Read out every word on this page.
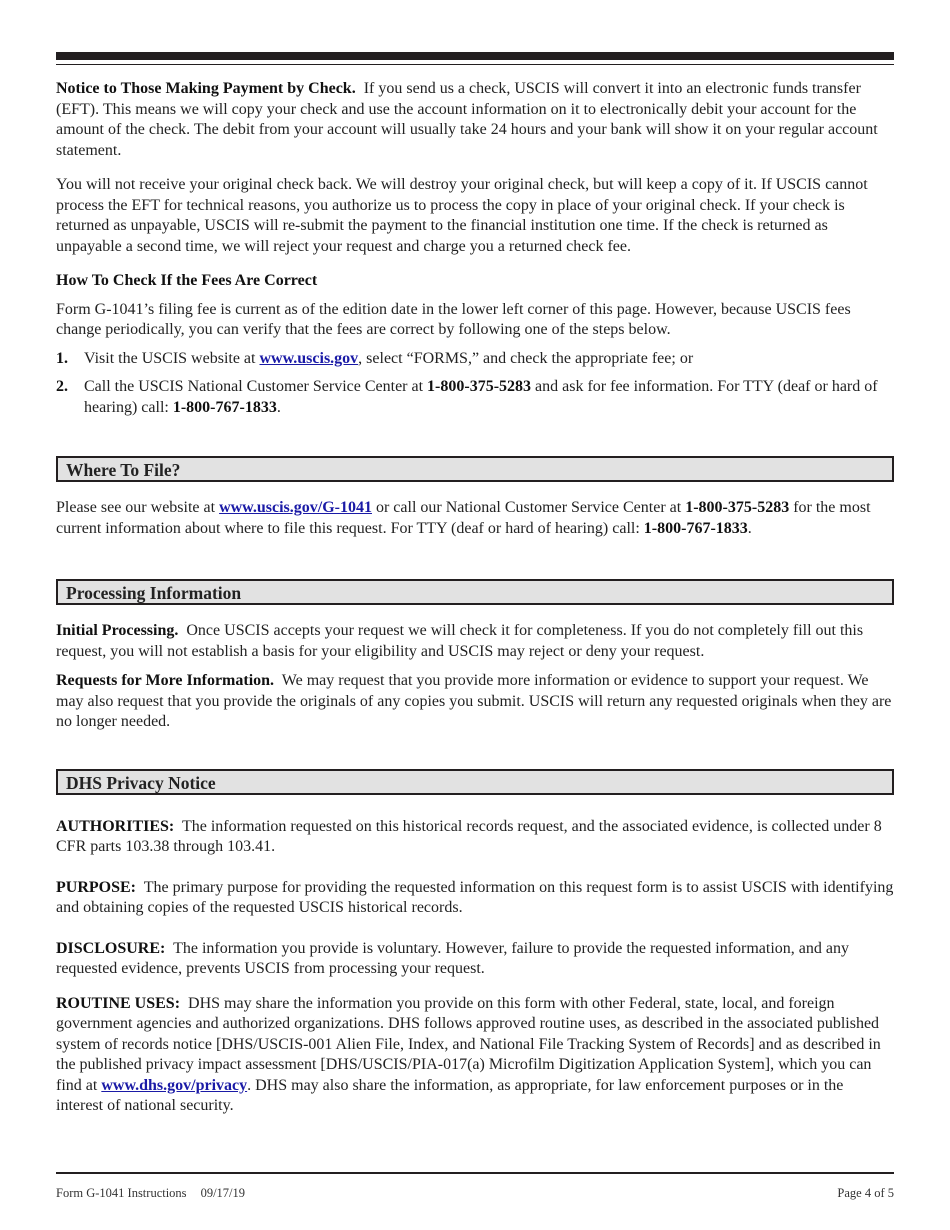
Notice to Those Making Payment by Check. If you send us a check, USCIS will convert it into an electronic funds transfer (EFT). This means we will copy your check and use the account information on it to electronically debit your account for the amount of the check. The debit from your account will usually take 24 hours and your bank will show it on your regular account statement.

You will not receive your original check back. We will destroy your original check, but will keep a copy of it. If USCIS cannot process the EFT for technical reasons, you authorize us to process the copy in place of your original check. If your check is returned as unpayable, USCIS will re-submit the payment to the financial institution one time. If the check is returned as unpayable a second time, we will reject your request and charge you a returned check fee.

How To Check If the Fees Are Correct

Form G-1041’s filing fee is current as of the edition date in the lower left corner of this page. However, because USCIS fees change periodically, you can verify that the fees are correct by following one of the steps below.

1.	Visit the USCIS website at www.uscis.gov, select “FORMS,” and check the appropriate fee; or
2.	Call the USCIS National Customer Service Center at 1-800-375-5283 and ask for fee information. For TTY (deaf or hard of hearing) call: 1-800-767-1833.
Where To File?

Please see our website at www.uscis.gov/G-1041 or call our National Customer Service Center at 1-800-375-5283 for the most current information about where to file this request. For TTY (deaf or hard of hearing) call: 1-800-767-1833.

Processing Information

Initial Processing. Once USCIS accepts your request we will check it for completeness. If you do not completely fill out this request, you will not establish a basis for your eligibility and USCIS may reject or deny your request.

Requests for More Information. We may request that you provide more information or evidence to support your request. We may also request that you provide the originals of any copies you submit. USCIS will return any requested originals when they are no longer needed.

DHS Privacy Notice

AUTHORITIES: The information requested on this historical records request, and the associated evidence, is collected under 8 CFR parts 103.38 through 103.41.

PURPOSE: The primary purpose for providing the requested information on this request form is to assist USCIS with identifying and obtaining copies of the requested USCIS historical records.

DISCLOSURE: The information you provide is voluntary. However, failure to provide the requested information, and any requested evidence, prevents USCIS from processing your request.

ROUTINE USES: DHS may share the information you provide on this form with other Federal, state, local, and foreign government agencies and authorized organizations. DHS follows approved routine uses, as described in the associated published system of records notice [DHS/USCIS-001 Alien File, Index, and National File Tracking System of Records] and as described in the published privacy impact assessment [DHS/USCIS/PIA-017(a) Microfilm Digitization Application System], which you can find at www.dhs.gov/privacy. DHS may also share the information, as appropriate, for law enforcement purposes or in the interest of national security.

Form G-1041 Instructions 09/17/19	Page 4 of 5
